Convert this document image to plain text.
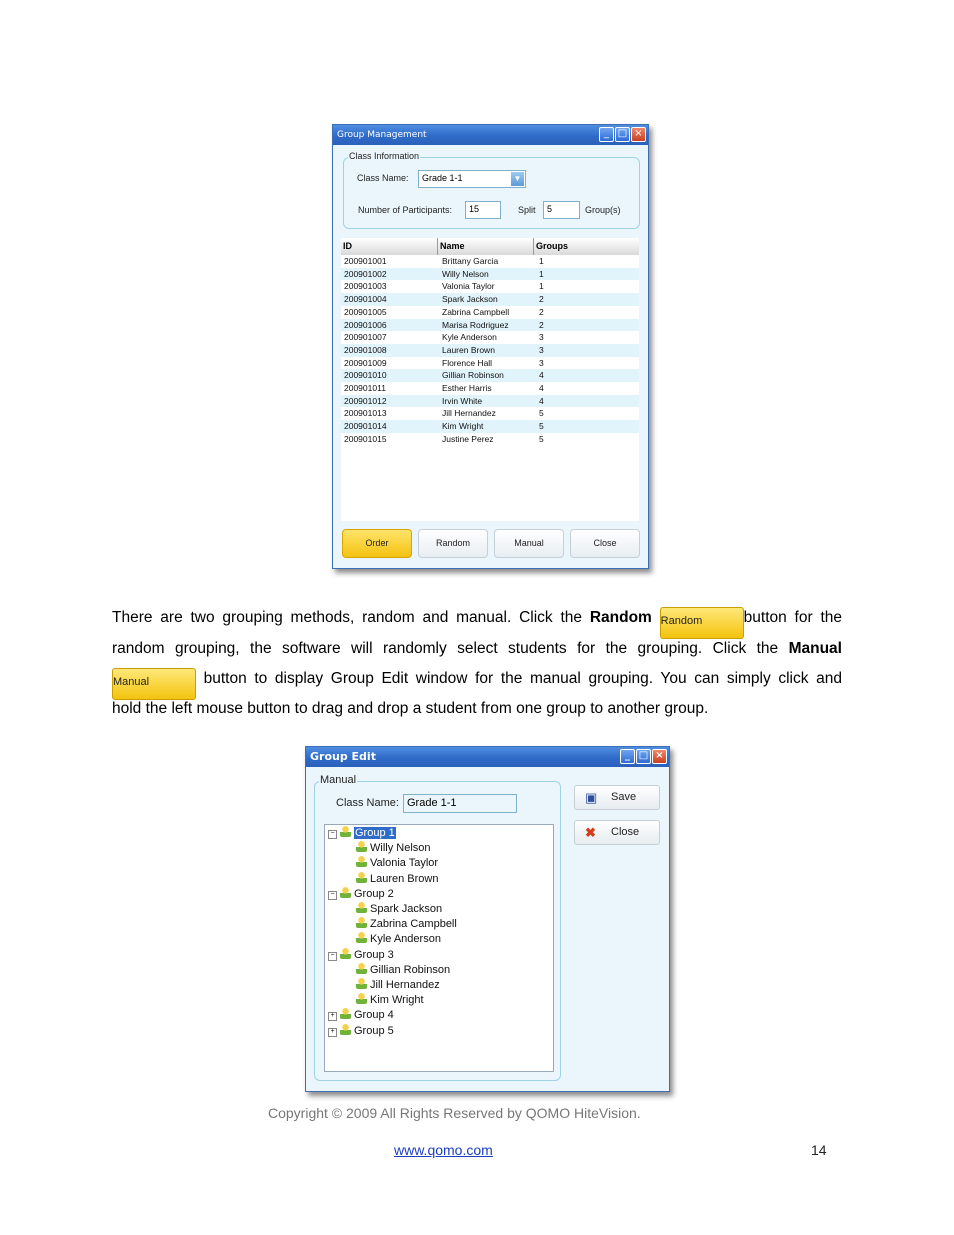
Group Management	_ □ ×
Class Information
Class Name:	Grade 1-1	▼
Number of Participants:	15	Split	5	Group(s)
ID	Name	Groups
200901001	Brittany Garcia	1
200901002	Willy Nelson	1
200901003	Valonia Taylor	1
200901004	Spark Jackson	2
200901005	Zabrina Campbell	2
200901006	Marisa Rodriguez	2
200901007	Kyle Anderson	3
200901008	Lauren Brown	3
200901009	Florence Hall	3
200901010	Gillian Robinson	4
200901011	Esther Harris	4
200901012	Irvin White	4
200901013	Jill Hernandez	5
200901014	Kim Wright	5
200901015	Justine Perez	5
Order	Random	Manual	Close
There are two grouping methods, random and manual. Click the Random Random	button for the
random grouping, the software will randomly select students for the grouping. Click the Manual
Manual	button to display Group Edit window for the manual grouping. You can simply click and
hold the left mouse button to drag and drop a student from one group to another group.
Group Edit	_ □ ×
Manual
Class Name: Grade 1-1
− Group 1
Willy Nelson
Valonia Taylor
Lauren Brown
− Group 2
Spark Jackson
Zabrina Campbell
Kyle Anderson
− Group 3
Gillian Robinson
Jill Hernandez
Kim Wright
+ Group 4
+ Group 5
▣ Save
✖ Close
Copyright © 2009 All Rights Reserved by QOMO HiteVision.
www.qomo.com	14
